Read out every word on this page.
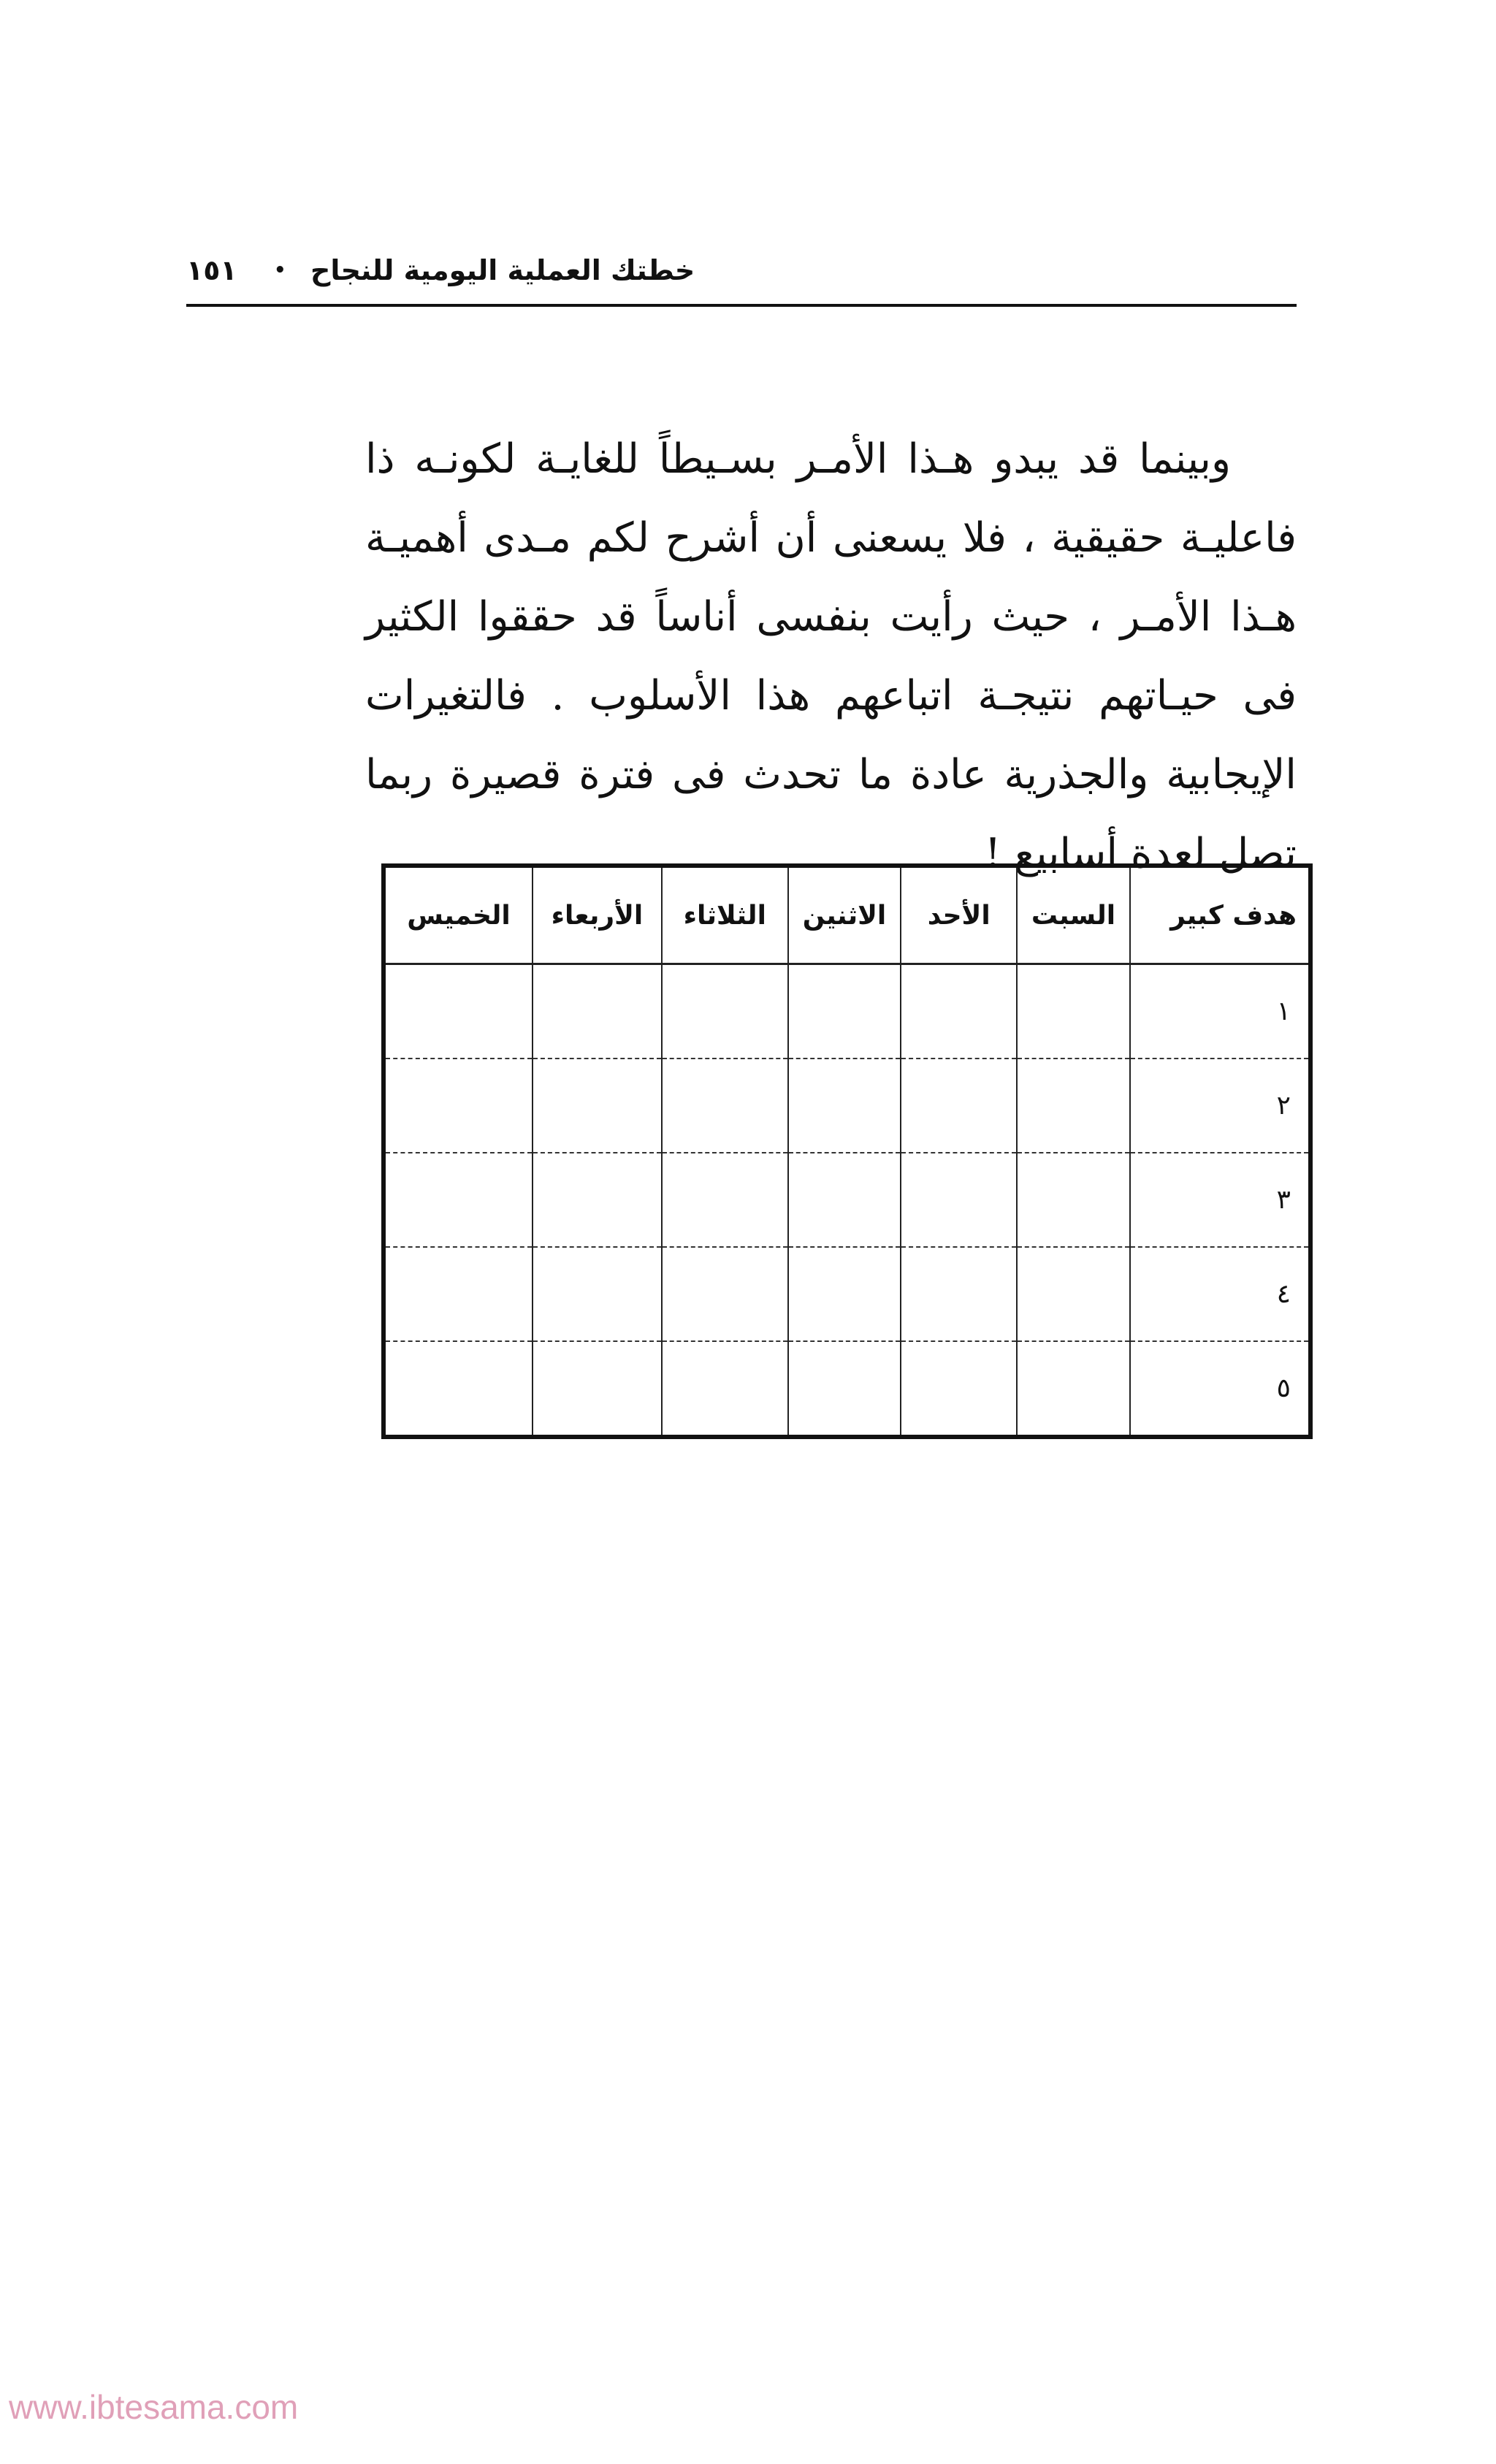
١٥١ • خطتك العملية اليومية للنجاح

وبينما قد يبدو هـذا الأمـر بسـيطاً للغايـة لكونـه ذا فاعليـة حقيقية ، فلا يسعنى أن أشرح لكم مـدى أهميـة هـذا الأمـر ، حيث رأيت بنفسى أناساً قد حققوا الكثير فى حيـاتهم نتيجـة اتباعهم هذا الأسلوب . فالتغيرات الإيجابية والجذرية عادة ما تحدث فى فترة قصيرة ربما تصل لعدة أسابيع !

هدف كبير	السبت	الأحد	الاثنين	الثلاثاء	الأربعاء	الخميس
١						
٢						
٣						
٤						
٥						
www.ibtesama.com
